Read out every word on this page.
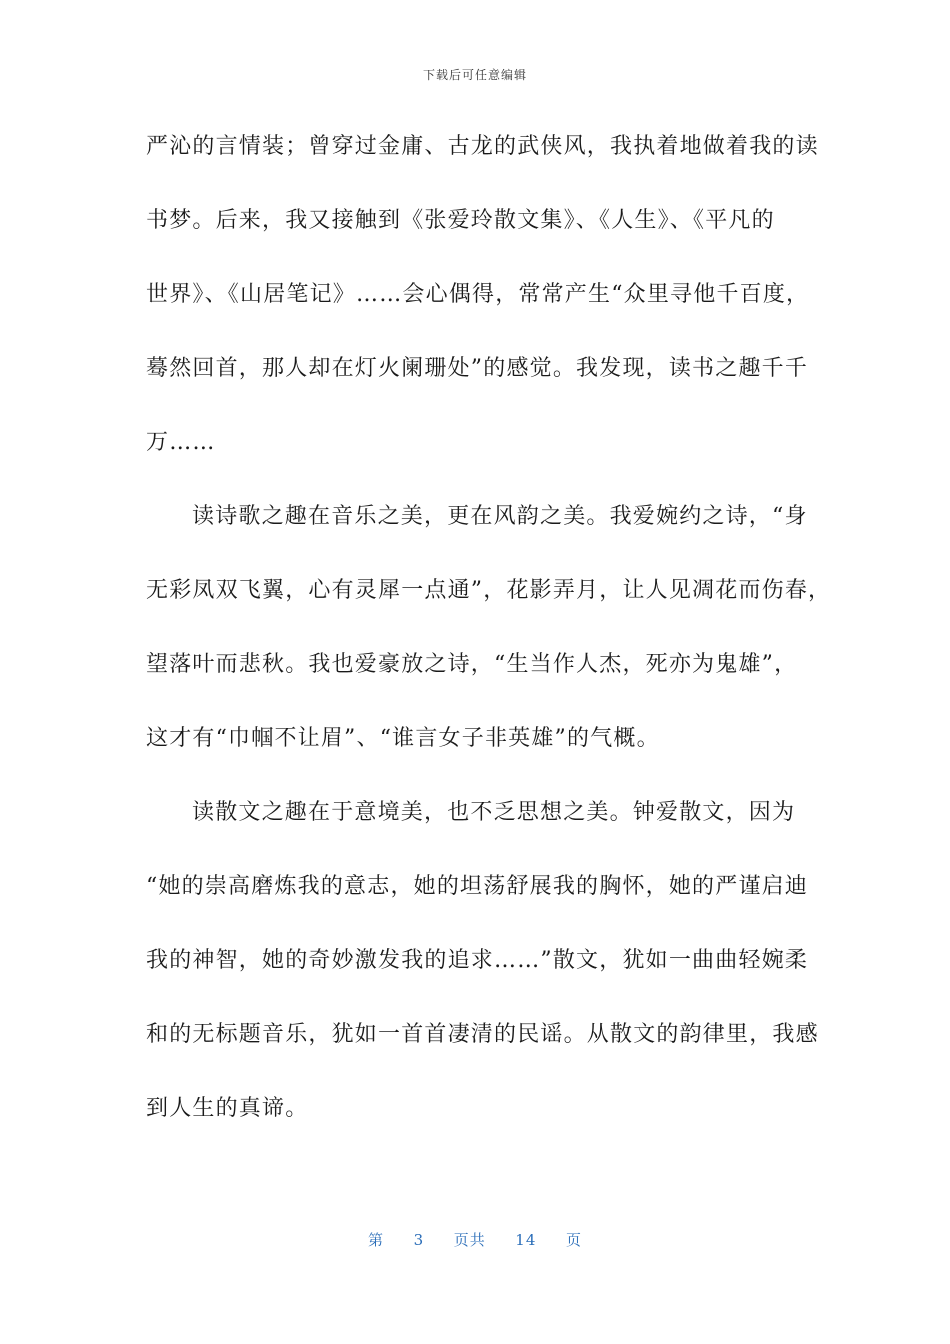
下载后可任意编辑
严沁的言情装；曾穿过金庸、古龙的武侠风，我执着地做着我的读
书梦。后来，我又接触到《张爱玲散文集》、《人生》、《平凡的
世界》、《山居笔记》……会心偶得，常常产生“众里寻他千百度，
蓦然回首，那人却在灯火阑珊处”的感觉。我发现，读书之趣千千
万……
读诗歌之趣在音乐之美，更在风韵之美。我爱婉约之诗，“身
无彩凤双飞翼，心有灵犀一点通”，花影弄月，让人见凋花而伤春，
望落叶而悲秋。我也爱豪放之诗，“生当作人杰，死亦为鬼雄”，
这才有“巾帼不让眉”、“谁言女子非英雄”的气概。
读散文之趣在于意境美，也不乏思想之美。钟爱散文，因为
“她的崇高磨炼我的意志，她的坦荡舒展我的胸怀，她的严谨启迪
我的神智，她的奇妙激发我的追求……”散文，犹如一曲曲轻婉柔
和的无标题音乐，犹如一首首凄清的民谣。从散文的韵律里，我感
到人生的真谛。
第 3 页共 14 页
